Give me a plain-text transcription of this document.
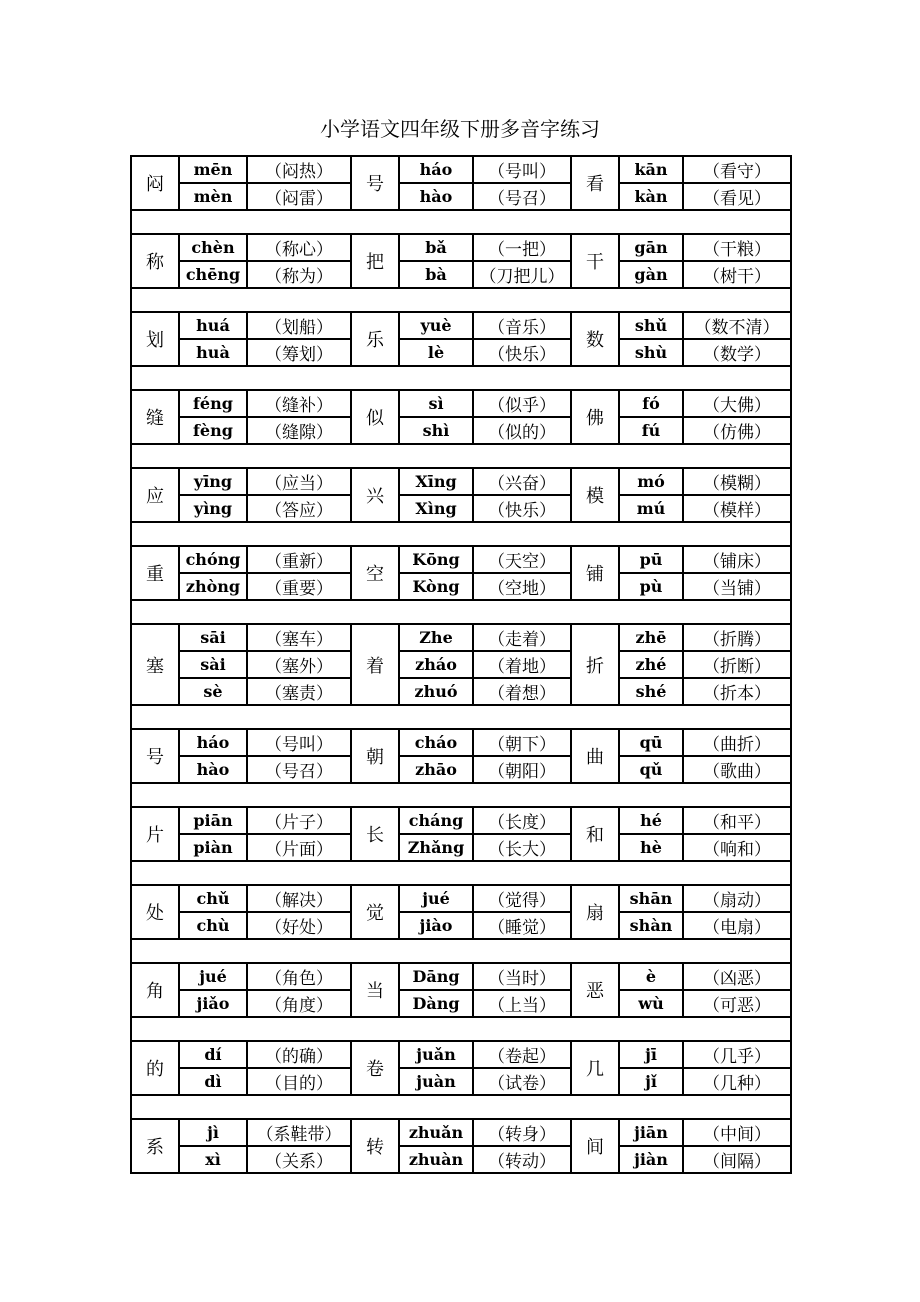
小学语文四年级下册多音字练习
闷	mēn	（闷热）	号	háo	（号叫）	看	kān	（看守）
	mèn	（闷雷）		hào	（号召）		kàn	（看见）

称	chèn	（称心）	把	bǎ	（一把）	干	gān	（干粮）
	chēng	（称为）		bà	（刀把儿）		gàn	（树干）

划	huá	（划船）	乐	yuè	（音乐）	数	shǔ	（数不清）
	huà	（筹划）		lè	（快乐）		shù	（数学）

缝	féng	（缝补）	似	sì	（似乎）	佛	fó	（大佛）
	fèng	（缝隙）		shì	（似的）		fú	（仿佛）

应	yīng	（应当）	兴	Xīng	（兴奋）	模	mó	（模糊）
	yìng	（答应）		Xìng	（快乐）		mú	（模样）

重	chóng	（重新）	空	Kōng	（天空）	铺	pū	（铺床）
	zhòng	（重要）		Kòng	（空地）		pù	（当铺）

塞	sāi	（塞车）	着	Zhe	（走着）	折	zhē	（折腾）
	sài	（塞外）		zháo	（着地）		zhé	（折断）
	sè	（塞责）		zhuó	（着想）		shé	（折本）

号	háo	（号叫）	朝	cháo	（朝下）	曲	qū	（曲折）
	hào	（号召）		zhāo	（朝阳）		qǔ	（歌曲）

片	piān	（片子）	长	cháng	（长度）	和	hé	（和平）
	piàn	（片面）		Zhǎng	（长大）		hè	（响和）

处	chǔ	（解决）	觉	jué	（觉得）	扇	shān	（扇动）
	chù	（好处）		jiào	（睡觉）		shàn	（电扇）

角	jué	（角色）	当	Dāng	（当时）	恶	è	（凶恶）
	jiǎo	（角度）		Dàng	（上当）		wù	（可恶）

的	dí	（的确）	卷	juǎn	（卷起）	几	jī	（几乎）
	dì	（目的）		juàn	（试卷）		jǐ	（几种）

系	jì	（系鞋带）	转	zhuǎn	（转身）	间	jiān	（中间）
	xì	（关系）		zhuàn	（转动）		jiàn	（间隔）
